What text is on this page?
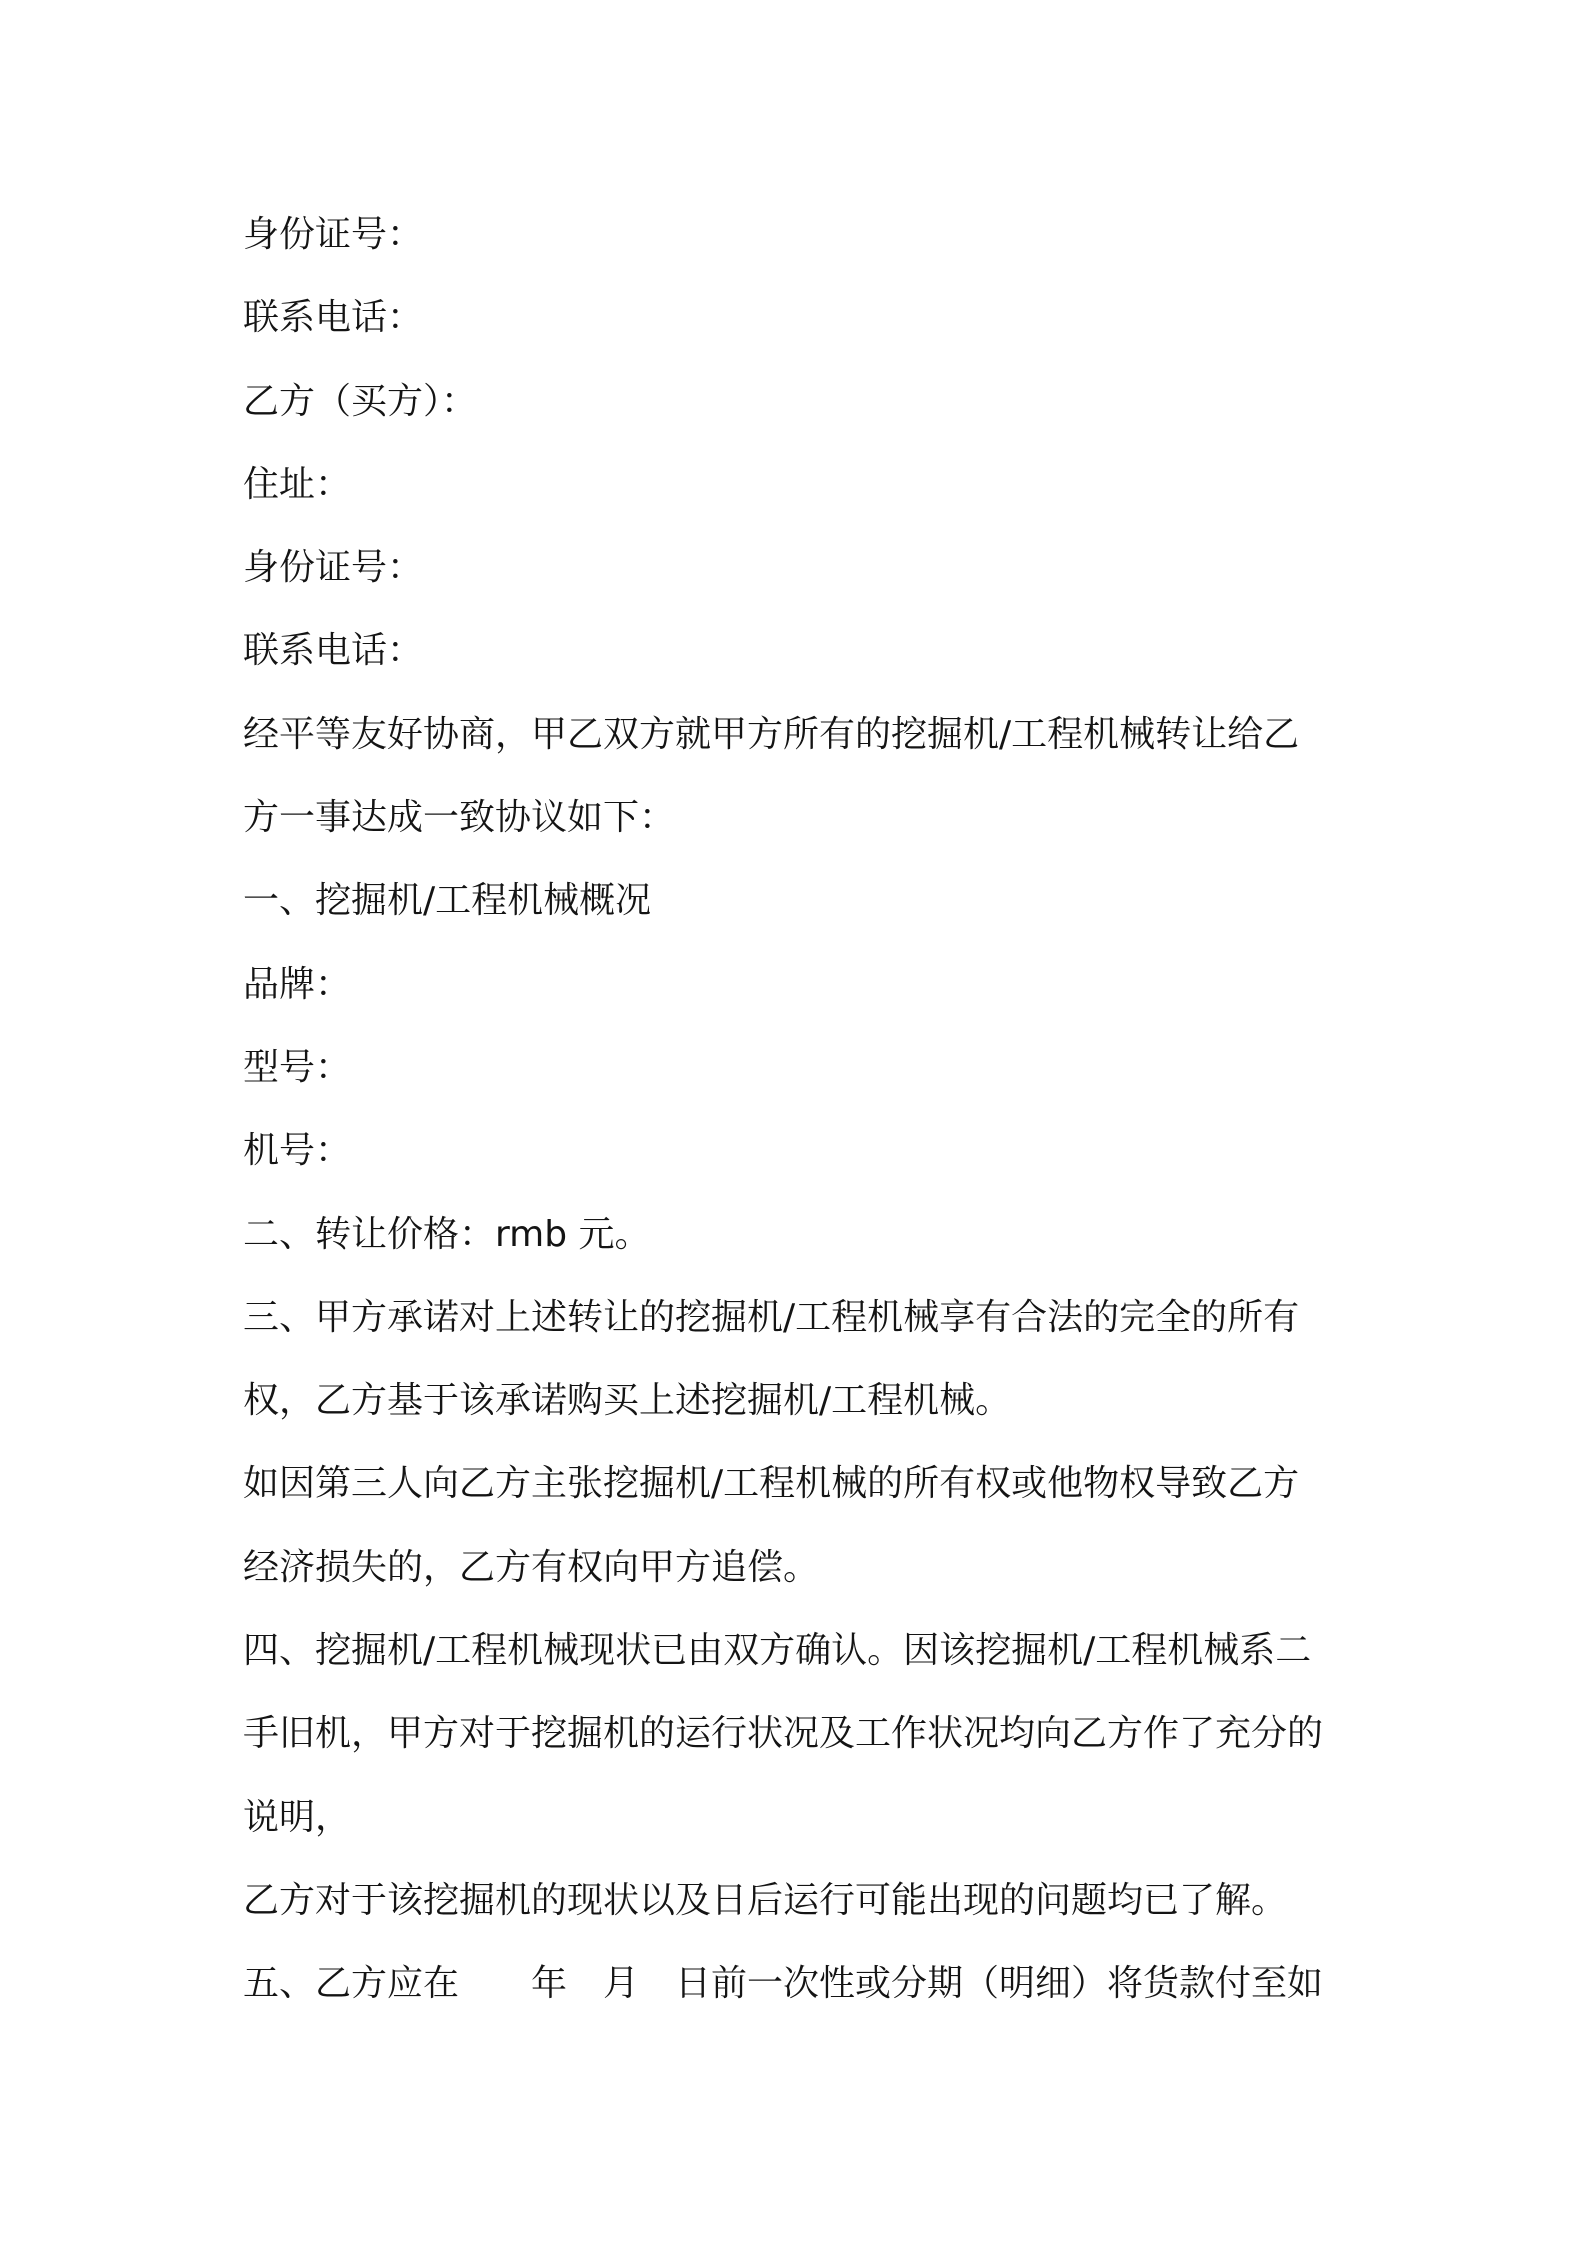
身份证号：
联系电话：
乙方（买方）：
住址：
身份证号：
联系电话：
经平等友好协商，甲乙双方就甲方所有的挖掘机/工程机械转让给乙
方一事达成一致协议如下：
一、挖掘机/工程机械概况
品牌：
型号：
机号：
二、转让价格：rmb 元。
三、甲方承诺对上述转让的挖掘机/工程机械享有合法的完全的所有
权，乙方基于该承诺购买上述挖掘机/工程机械。
如因第三人向乙方主张挖掘机/工程机械的所有权或他物权导致乙方
经济损失的，乙方有权向甲方追偿。
四、挖掘机/工程机械现状已由双方确认。因该挖掘机/工程机械系二
手旧机，甲方对于挖掘机的运行状况及工作状况均向乙方作了充分的
说明，
乙方对于该挖掘机的现状以及日后运行可能出现的问题均已了解。
五、乙方应在　　年　月　日前一次性或分期（明细）将货款付至如
